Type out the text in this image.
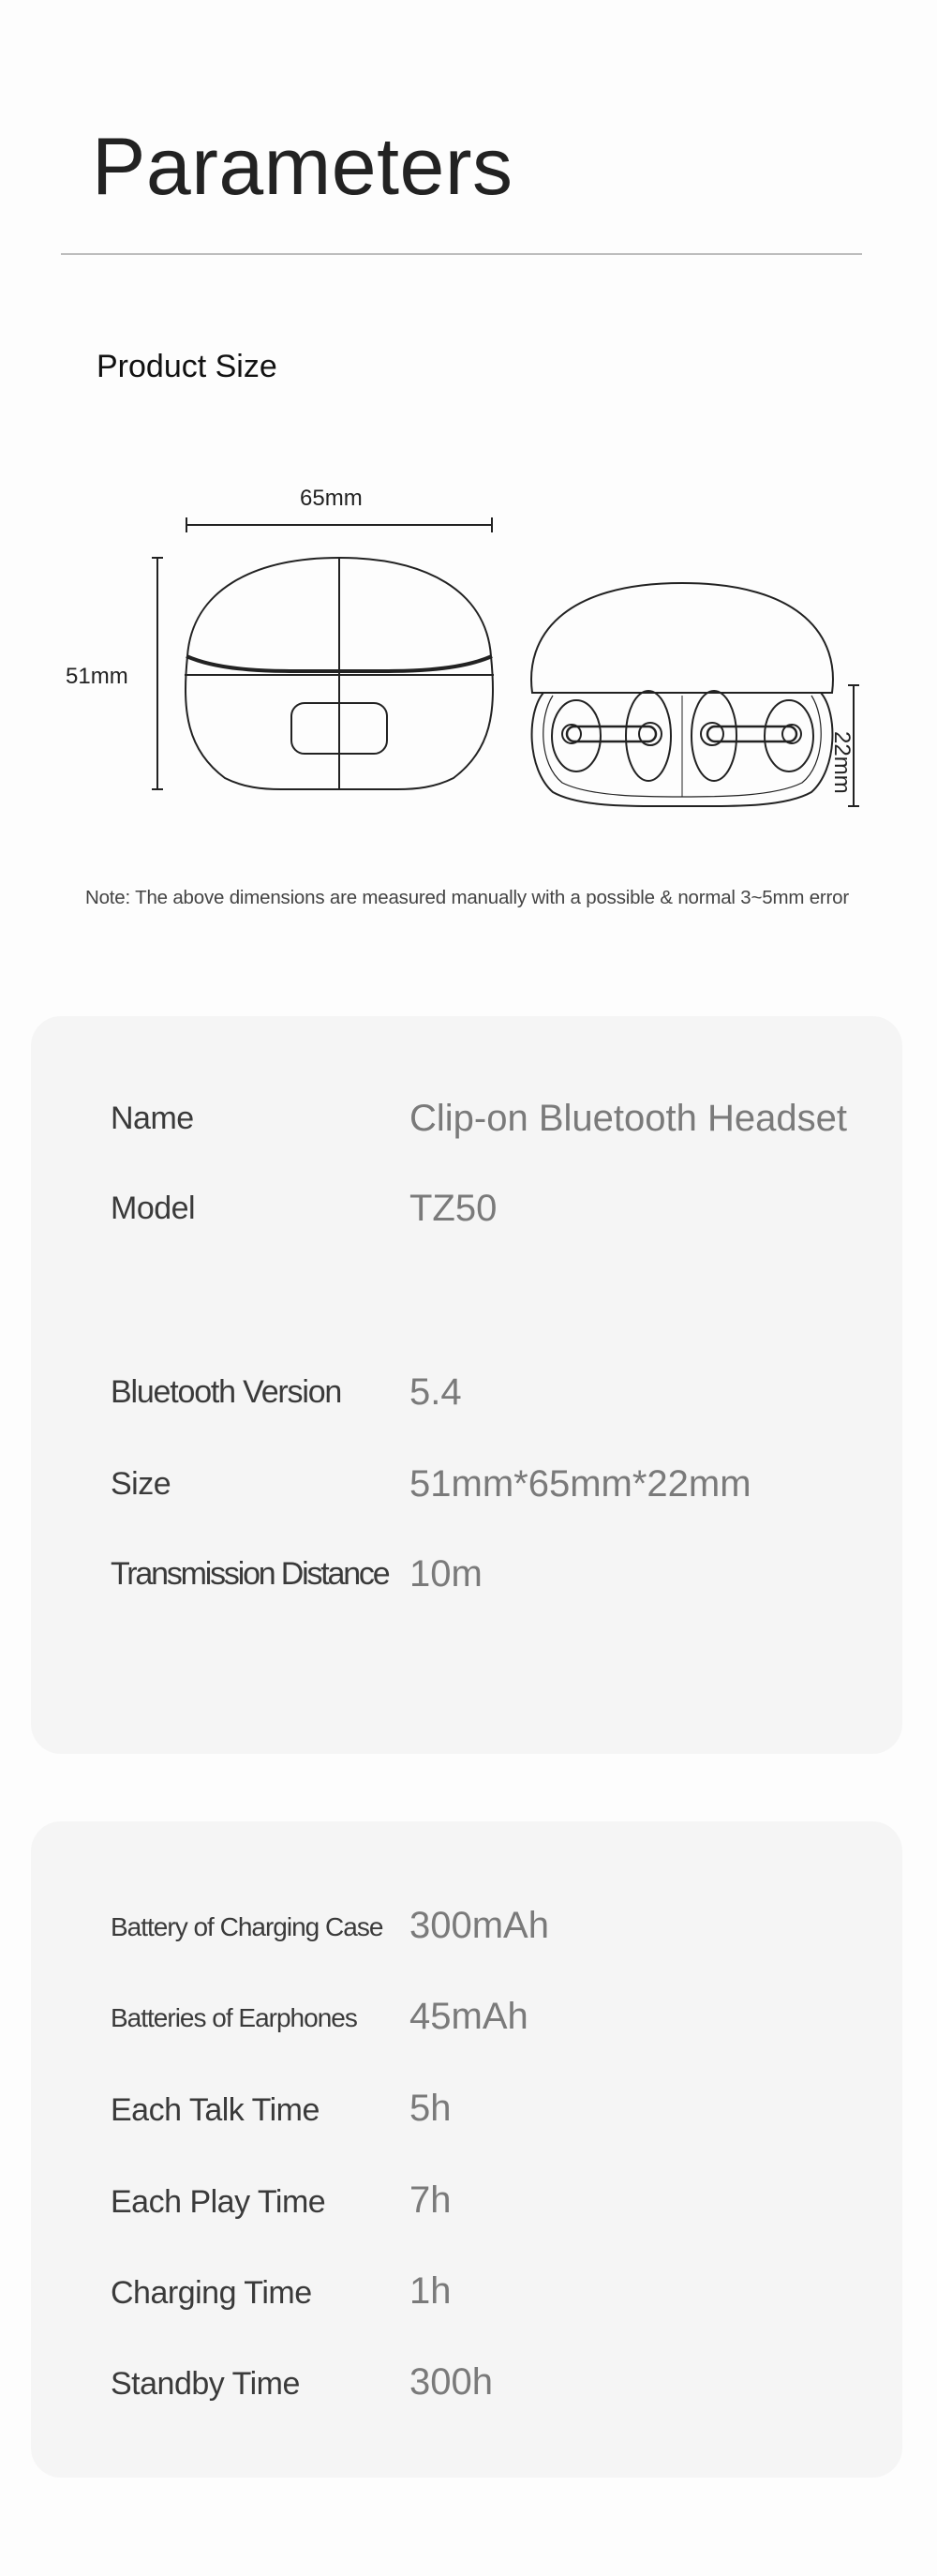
Parameters
Product Size
65mm
51mm
22mm
Note: The above dimensions are measured manually with a possible & normal 3~5mm error
Name	Clip-on Bluetooth Headset
Model	TZ50
Bluetooth Version 5.4
Size	51mm*65mm*22mm
Transmission Distance 10m
Battery of Charging Case 300mAh
Batteries of Earphones 45mAh
Each Talk Time 5h
Each Play Time 7h
Charging Time	1h
Standby Time	300h
